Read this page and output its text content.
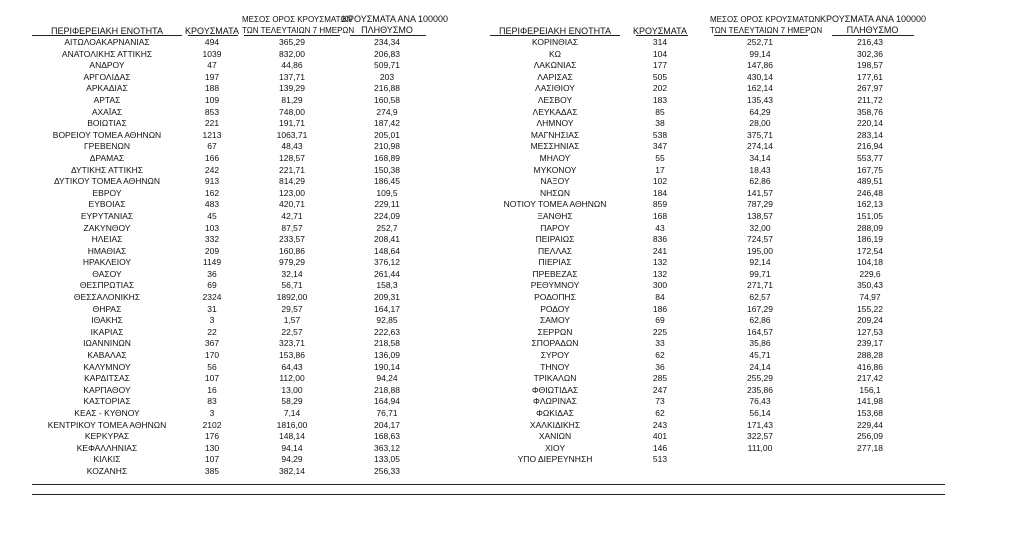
ΠΕΡΙΦΕΡΕΙΑΚΗ ΕΝΟΤΗΤΑ	ΚΡΟΥΣΜΑΤΑ
ΜΕΣΟΣ ΟΡΟΣ ΚΡΟΥΣΜΑΤΩΝ
ΤΩΝ ΤΕΛΕΥΤΑΙΩΝ 7 ΗΜΕΡΩΝ
ΚΡΟΥΣΜΑΤΑ ΑΝΑ 100000
ΠΛΗΘΥΣΜΟ
ΑΙΤΩΛΟΑΚΑΡΝΑΝΙΑΣ	494	365,29	234,34
ΑΝΑΤΟΛΙΚΗΣ ΑΤΤΙΚΗΣ	1039	832,00	206,83
ΑΝΔΡΟΥ	47	44,86	509,71
ΑΡΓΟΛΙΔΑΣ	197	137,71	203
ΑΡΚΑΔΙΑΣ	188	139,29	216,88
ΑΡΤΑΣ	109	81,29	160,58
ΑΧΑΪΑΣ	853	748,00	274,9
ΒΟΙΩΤΙΑΣ	221	191,71	187,42
ΒΟΡΕΙΟΥ ΤΟΜΕΑ ΑΘΗΝΩΝ	1213	1063,71	205,01
ΓΡΕΒΕΝΩΝ	67	48,43	210,98
ΔΡΑΜΑΣ	166	128,57	168,89
ΔΥΤΙΚΗΣ ΑΤΤΙΚΗΣ	242	221,71	150,38
ΔΥΤΙΚΟΥ ΤΟΜΕΑ ΑΘΗΝΩΝ	913	814,29	186,45
ΕΒΡΟΥ	162	123,00	109,5
ΕΥΒΟΙΑΣ	483	420,71	229,11
ΕΥΡΥΤΑΝΙΑΣ	45	42,71	224,09
ΖΑΚΥΝΘΟΥ	103	87,57	252,7
ΗΛΕΙΑΣ	332	233,57	208,41
ΗΜΑΘΙΑΣ	209	160,86	148,64
ΗΡΑΚΛΕΙΟΥ	1149	979,29	376,12
ΘΑΣΟΥ	36	32,14	261,44
ΘΕΣΠΡΩΤΙΑΣ	69	56,71	158,3
ΘΕΣΣΑΛΟΝΙΚΗΣ	2324	1892,00	209,31
ΘΗΡΑΣ	31	29,57	164,17
ΙΘΑΚΗΣ	3	1,57	92,85
ΙΚΑΡΙΑΣ	22	22,57	222,63
ΙΩΑΝΝΙΝΩΝ	367	323,71	218,58
ΚΑΒΑΛΑΣ	170	153,86	136,09
ΚΑΛΥΜΝΟΥ	56	64,43	190,14
ΚΑΡΔΙΤΣΑΣ	107	112,00	94,24
ΚΑΡΠΑΘΟΥ	16	13,00	218,88
ΚΑΣΤΟΡΙΑΣ	83	58,29	164,94
ΚΕΑΣ - ΚΥΘΝΟΥ	3	7,14	76,71
ΚΕΝΤΡΙΚΟΥ ΤΟΜΕΑ ΑΘΗΝΩΝ	2102	1816,00	204,17
ΚΕΡΚΥΡΑΣ	176	148,14	168,63
ΚΕΦΑΛΛΗΝΙΑΣ	130	94,14	363,12
ΚΙΛΚΙΣ	107	94,29	133,05
ΚΟΖΑΝΗΣ	385	382,14	256,33
ΠΕΡΙΦΕΡΕΙΑΚΗ ΕΝΟΤΗΤΑ	ΚΡΟΥΣΜΑΤΑ
ΜΕΣΟΣ ΟΡΟΣ ΚΡΟΥΣΜΑΤΩΝ
ΤΩΝ ΤΕΛΕΥΤΑΙΩΝ 7 ΗΜΕΡΩΝ
ΚΡΟΥΣΜΑΤΑ ΑΝΑ 100000
ΠΛΗΘΥΣΜΟ
ΚΟΡΙΝΘΙΑΣ	314	252,71	216,43
ΚΩ	104	99,14	302,36
ΛΑΚΩΝΙΑΣ	177	147,86	198,57
ΛΑΡΙΣΑΣ	505	430,14	177,61
ΛΑΣΙΘΙΟΥ	202	162,14	267,97
ΛΕΣΒΟΥ	183	135,43	211,72
ΛΕΥΚΑΔΑΣ	85	64,29	358,76
ΛΗΜΝΟΥ	38	28,00	220,14
ΜΑΓΝΗΣΙΑΣ	538	375,71	283,14
ΜΕΣΣΗΝΙΑΣ	347	274,14	216,94
ΜΗΛΟΥ	55	34,14	553,77
ΜΥΚΟΝΟΥ	17	18,43	167,75
ΝΑΞΟΥ	102	62,86	489,51
ΝΗΣΩΝ	184	141,57	246,48
ΝΟΤΙΟΥ ΤΟΜΕΑ ΑΘΗΝΩΝ	859	787,29	162,13
ΞΑΝΘΗΣ	168	138,57	151,05
ΠΑΡΟΥ	43	32,00	288,09
ΠΕΙΡΑΙΩΣ	836	724,57	186,19
ΠΕΛΛΑΣ	241	195,00	172,54
ΠΙΕΡΙΑΣ	132	92,14	104,18
ΠΡΕΒΕΖΑΣ	132	99,71	229,6
ΡΕΘΥΜΝΟΥ	300	271,71	350,43
ΡΟΔΟΠΗΣ	84	62,57	74,97
ΡΟΔΟΥ	186	167,29	155,22
ΣΑΜΟΥ	69	62,86	209,24
ΣΕΡΡΩΝ	225	164,57	127,53
ΣΠΟΡΑΔΩΝ	33	35,86	239,17
ΣΥΡΟΥ	62	45,71	288,28
ΤΗΝΟΥ	36	24,14	416,86
ΤΡΙΚΑΛΩΝ	285	255,29	217,42
ΦΘΙΩΤΙΔΑΣ	247	235,86	156,1
ΦΛΩΡΙΝΑΣ	73	76,43	141,98
ΦΩΚΙΔΑΣ	62	56,14	153,68
ΧΑΛΚΙΔΙΚΗΣ	243	171,43	229,44
ΧΑΝΙΩΝ	401	322,57	256,09
ΧΙΟΥ	146	111,00	277,18
ΥΠΟ ΔΙΕΡΕΥΝΗΣΗ	513
